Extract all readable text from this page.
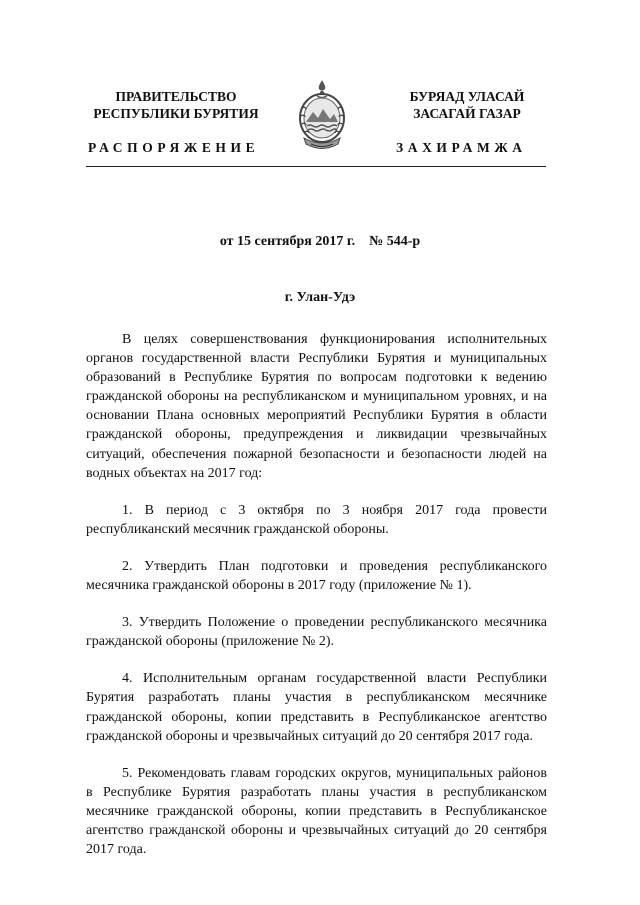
ПРАВИТЕЛЬСТВО
РЕСПУБЛИКИ БУРЯТИЯ
БУРЯАД УЛАСАЙ
ЗАСАГАЙ ГАЗАР
РАСПОРЯЖЕНИЕ	ЗАХИРАМЖА
от 15 сентября 2017 г.    № 544-р
г. Улан-Удэ

В целях совершенствования функционирования исполнительных органов государственной власти Республики Бурятия и муниципальных образований в Республике Бурятия по вопросам подготовки к ведению гражданской обороны на республиканском и муниципальном уровнях, и на основании Плана основных мероприятий Республики Бурятия в области гражданской обороны, предупреждения и ликвидации чрезвычайных ситуаций, обеспечения пожарной безопасности и безопасности людей на водных объектах на 2017 год:

1. В период с 3 октября по 3 ноября 2017 года провести республиканский месячник гражданской обороны.

2. Утвердить План подготовки и проведения республиканского месячника гражданской обороны в 2017 году (приложение № 1).

3. Утвердить Положение о проведении республиканского месячника гражданской обороны (приложение № 2).

4. Исполнительным органам государственной власти Республики Бурятия разработать планы участия в республиканском месячнике гражданской обороны, копии представить в Республиканское агентство гражданской обороны и чрезвычайных ситуаций до 20 сентября 2017 года.

5. Рекомендовать главам городских округов, муниципальных районов в Республике Бурятия разработать планы участия в республиканском месячнике гражданской обороны, копии представить в Республиканское агентство гражданской обороны и чрезвычайных ситуаций до 20 сентября 2017 года.
